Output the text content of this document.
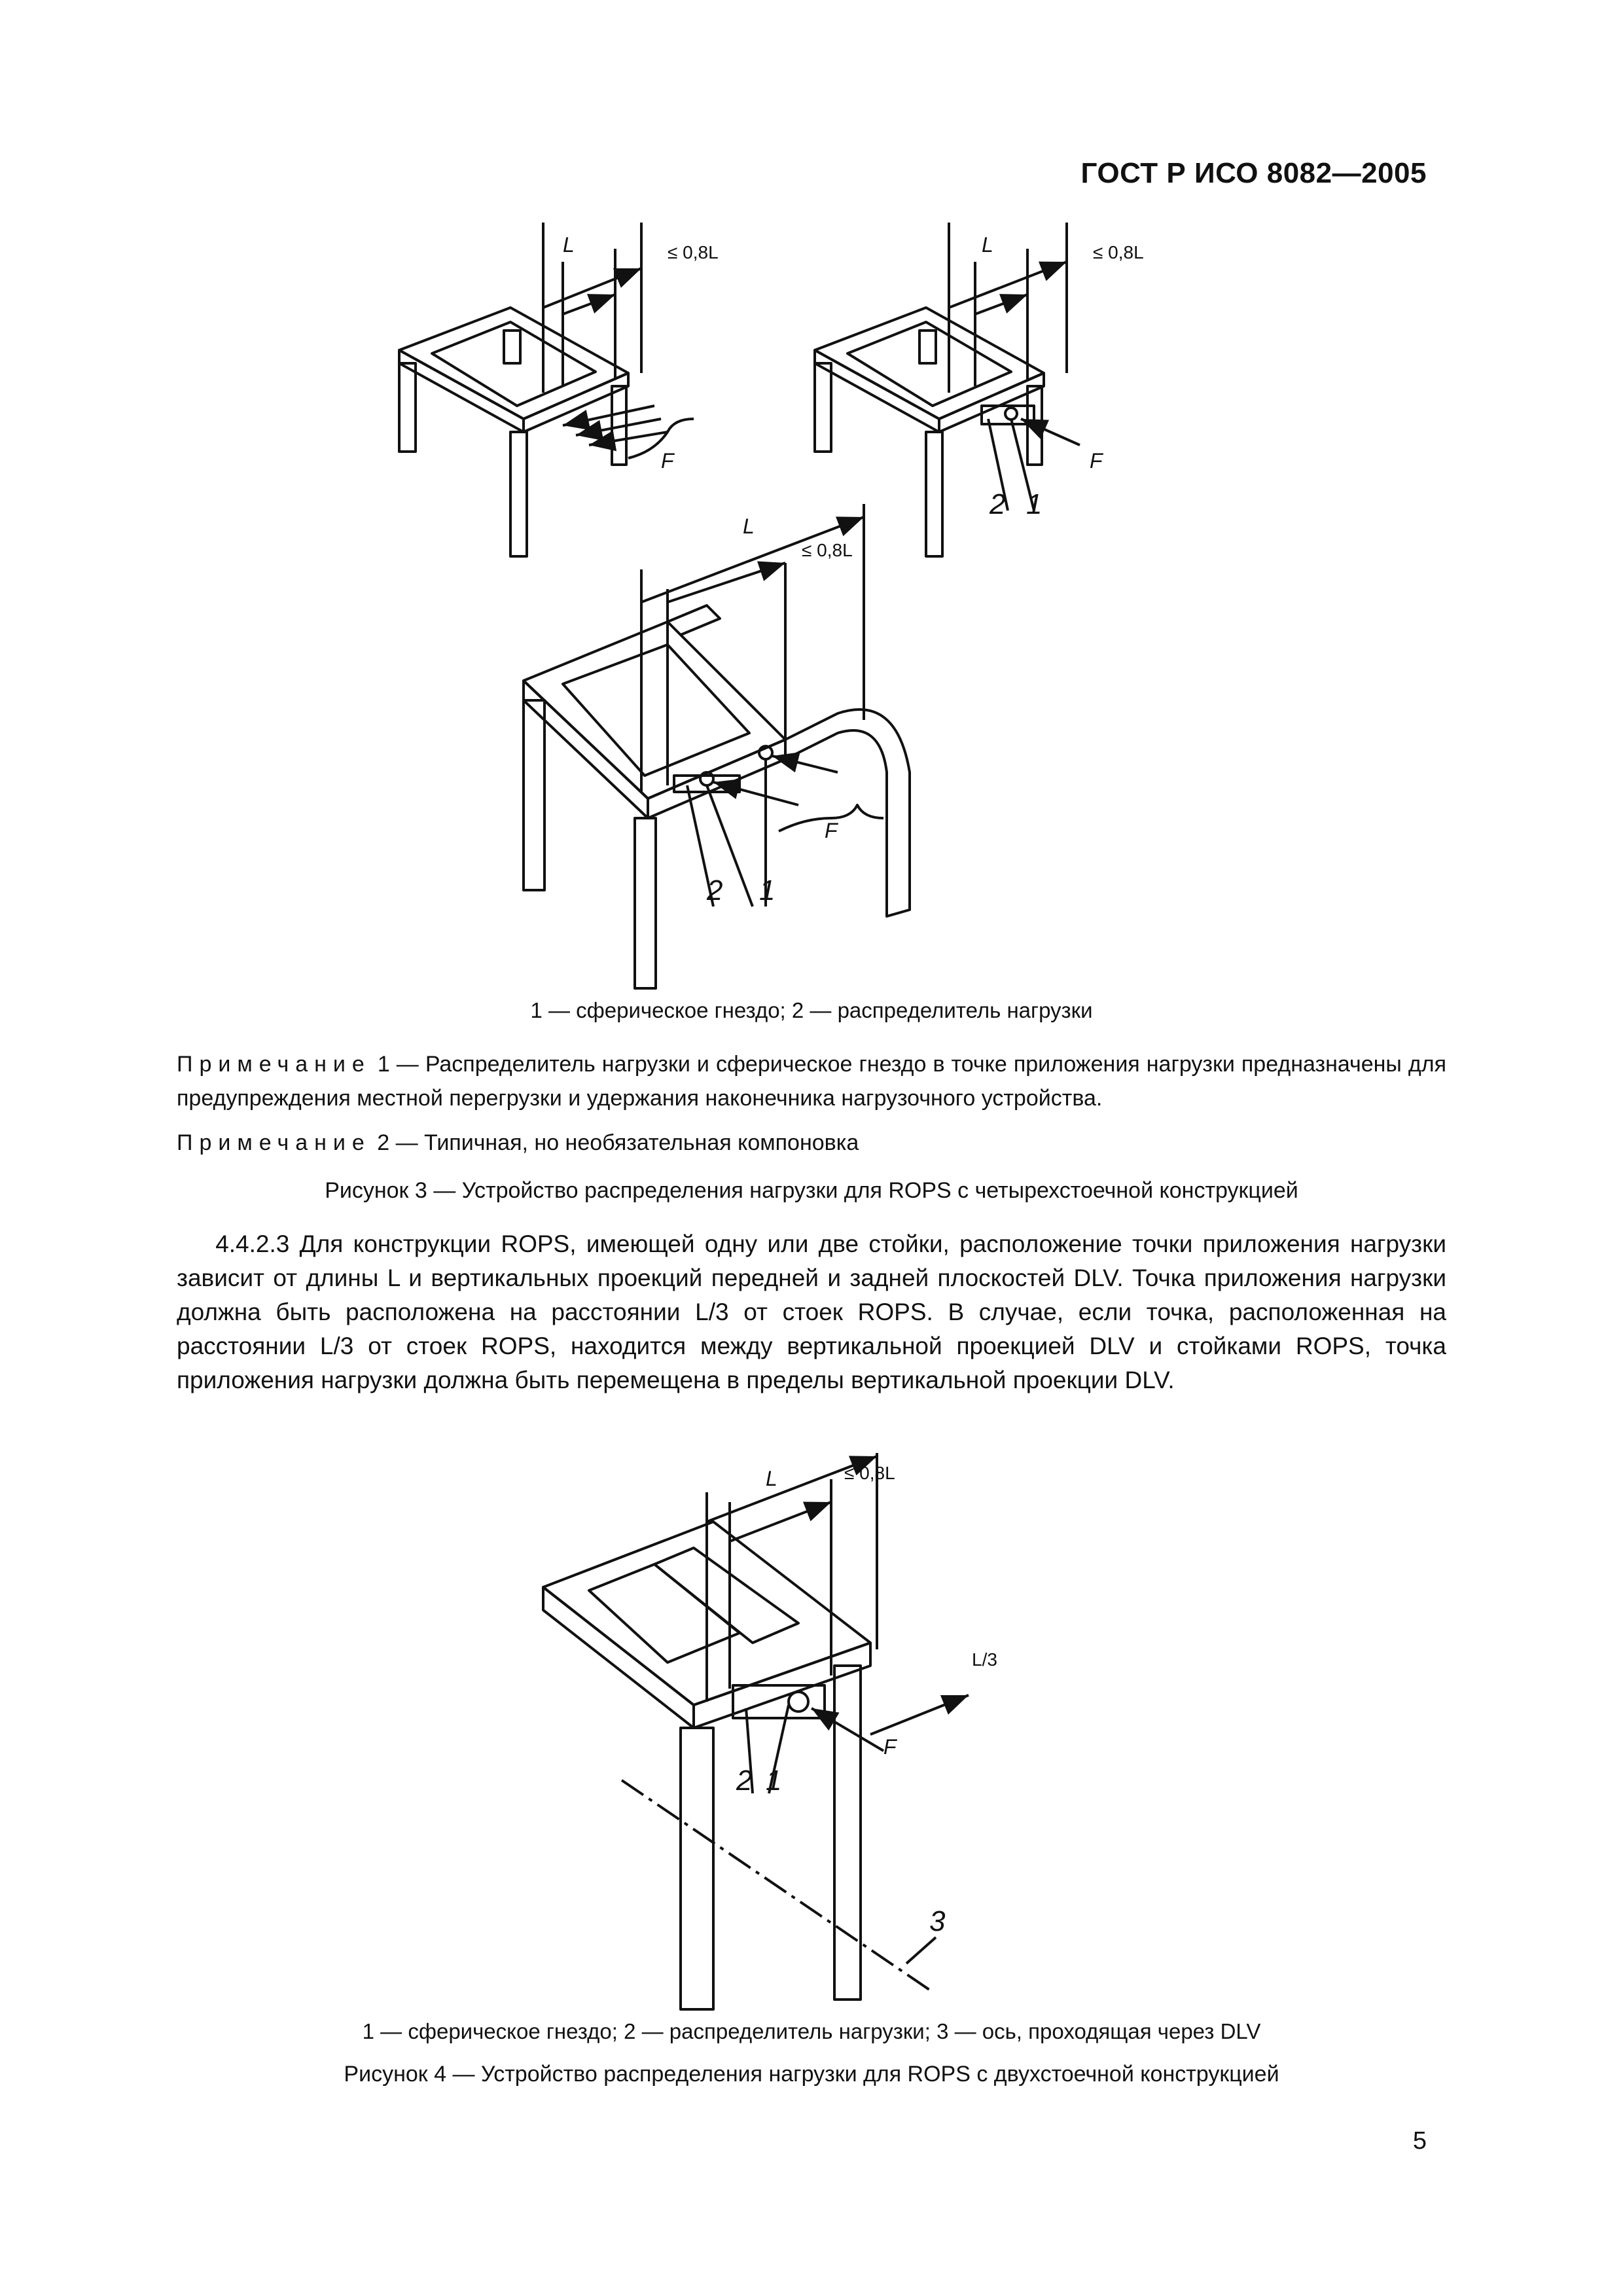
ГОСТ Р ИСО 8082—2005
L	≤ 0,8L
F
L	≤ 0,8L
F
2 1
L
≤ 0,8L
F
2 1
1 — сферическое гнездо; 2 — распределитель нагрузки
Примечание 1 — Распределитель нагрузки и сферическое гнездо в точке приложения нагрузки предназначены для предупреждения местной перегрузки и удержания наконечника нагрузочного устройства.
Примечание 2 — Типичная, но необязательная компоновка
Рисунок 3 — Устройство распределения нагрузки для ROPS с четырехстоечной конструкцией
4.4.2.3 Для конструкции ROPS, имеющей одну или две стойки, расположение точки приложения нагрузки зависит от длины L и вертикальных проекций передней и задней плоскостей DLV. Точка приложения нагрузки должна быть расположена на расстоянии L/3 от стоек ROPS. В случае, если точка, расположенная на расстоянии L/3 от стоек ROPS, находится между вертикальной проекцией DLV и стойками ROPS, точка приложения нагрузки должна быть перемещена в пределы вертикальной проекции DLV.
L	≤ 0,8L
L/3
F
2 1
3
1 — сферическое гнездо; 2 — распределитель нагрузки; 3 — ось, проходящая через DLV
Рисунок 4 — Устройство распределения нагрузки для ROPS с двухстоечной конструкцией
5
